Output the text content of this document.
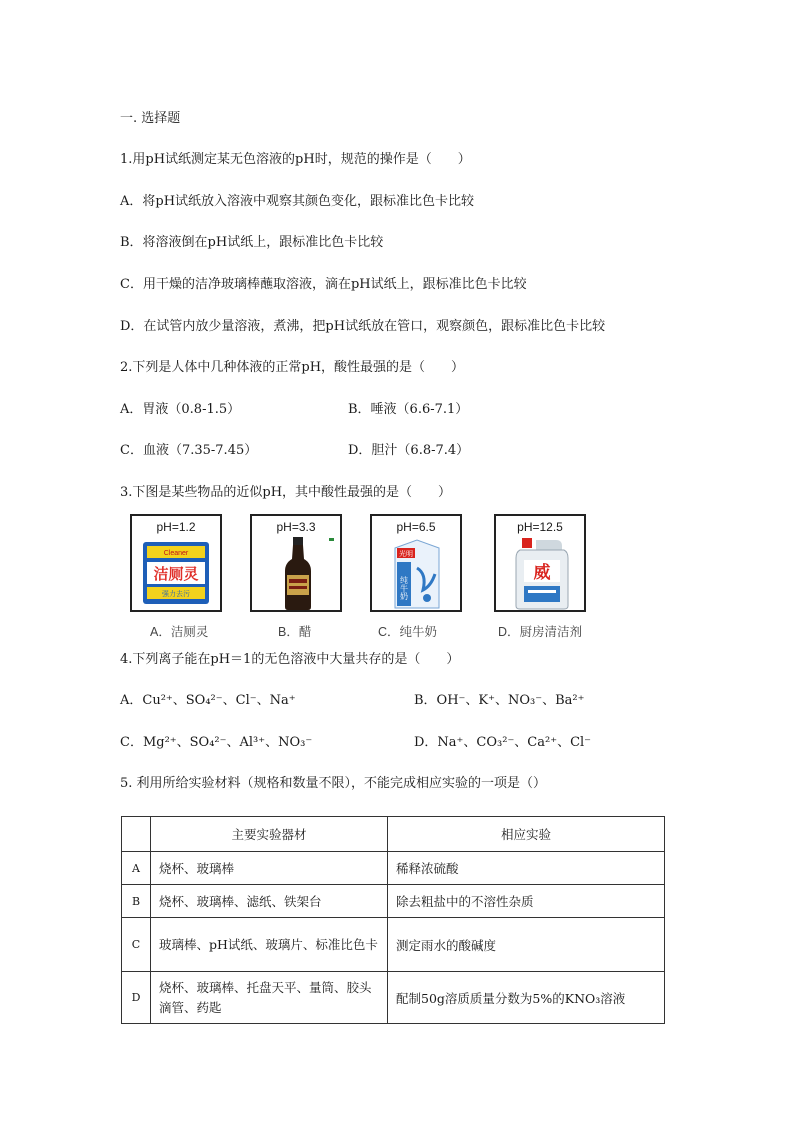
一. 选择题
1.用pH试纸测定某无色溶液的pH时，规范的操作是（　　）
A．将pH试纸放入溶液中观察其颜色变化，跟标准比色卡比较
B．将溶液倒在pH试纸上，跟标准比色卡比较
C．用干燥的洁净玻璃棒蘸取溶液，滴在pH试纸上，跟标准比色卡比较
D．在试管内放少量溶液，煮沸，把pH试纸放在管口，观察颜色，跟标准比色卡比较
2.下列是人体中几种体液的正常pH，酸性最强的是（　　）
A．胃液（0.8-1.5）	B．唾液（6.6-7.1）
C．血液（7.35-7.45）	D．胆汁（6.8-7.4）
3.下图是某些物品的近似pH，其中酸性最强的是（　　）
pH=1.2
Cleaner
洁厕灵
强力去污
A．洁厕灵
pH=3.3
B．醋
pH=6.5
光明
纯牛奶
C．纯牛奶
pH=12.5
威
D．厨房清洁剂
4.下列离子能在pH＝1的无色溶液中大量共存的是（　　）
A．Cu²⁺、SO₄²⁻、Cl⁻、Na⁺	B．OH⁻、K⁺、NO₃⁻、Ba²⁺
C．Mg²⁺、SO₄²⁻、Al³⁺、NO₃⁻	D．Na⁺、CO₃²⁻、Ca²⁺、Cl⁻
5. 利用所给实验材料（规格和数量不限），不能完成相应实验的一项是（）
	主要实验器材	相应实验
A	烧杯、玻璃棒	稀释浓硫酸
B	烧杯、玻璃棒、滤纸、铁架台	除去粗盐中的不溶性杂质
C	玻璃棒、pH试纸、玻璃片、标准比色卡	测定雨水的酸碱度
D	烧杯、玻璃棒、托盘天平、量筒、胶头滴管、药匙	配制50g溶质质量分数为5%的KNO₃溶液
